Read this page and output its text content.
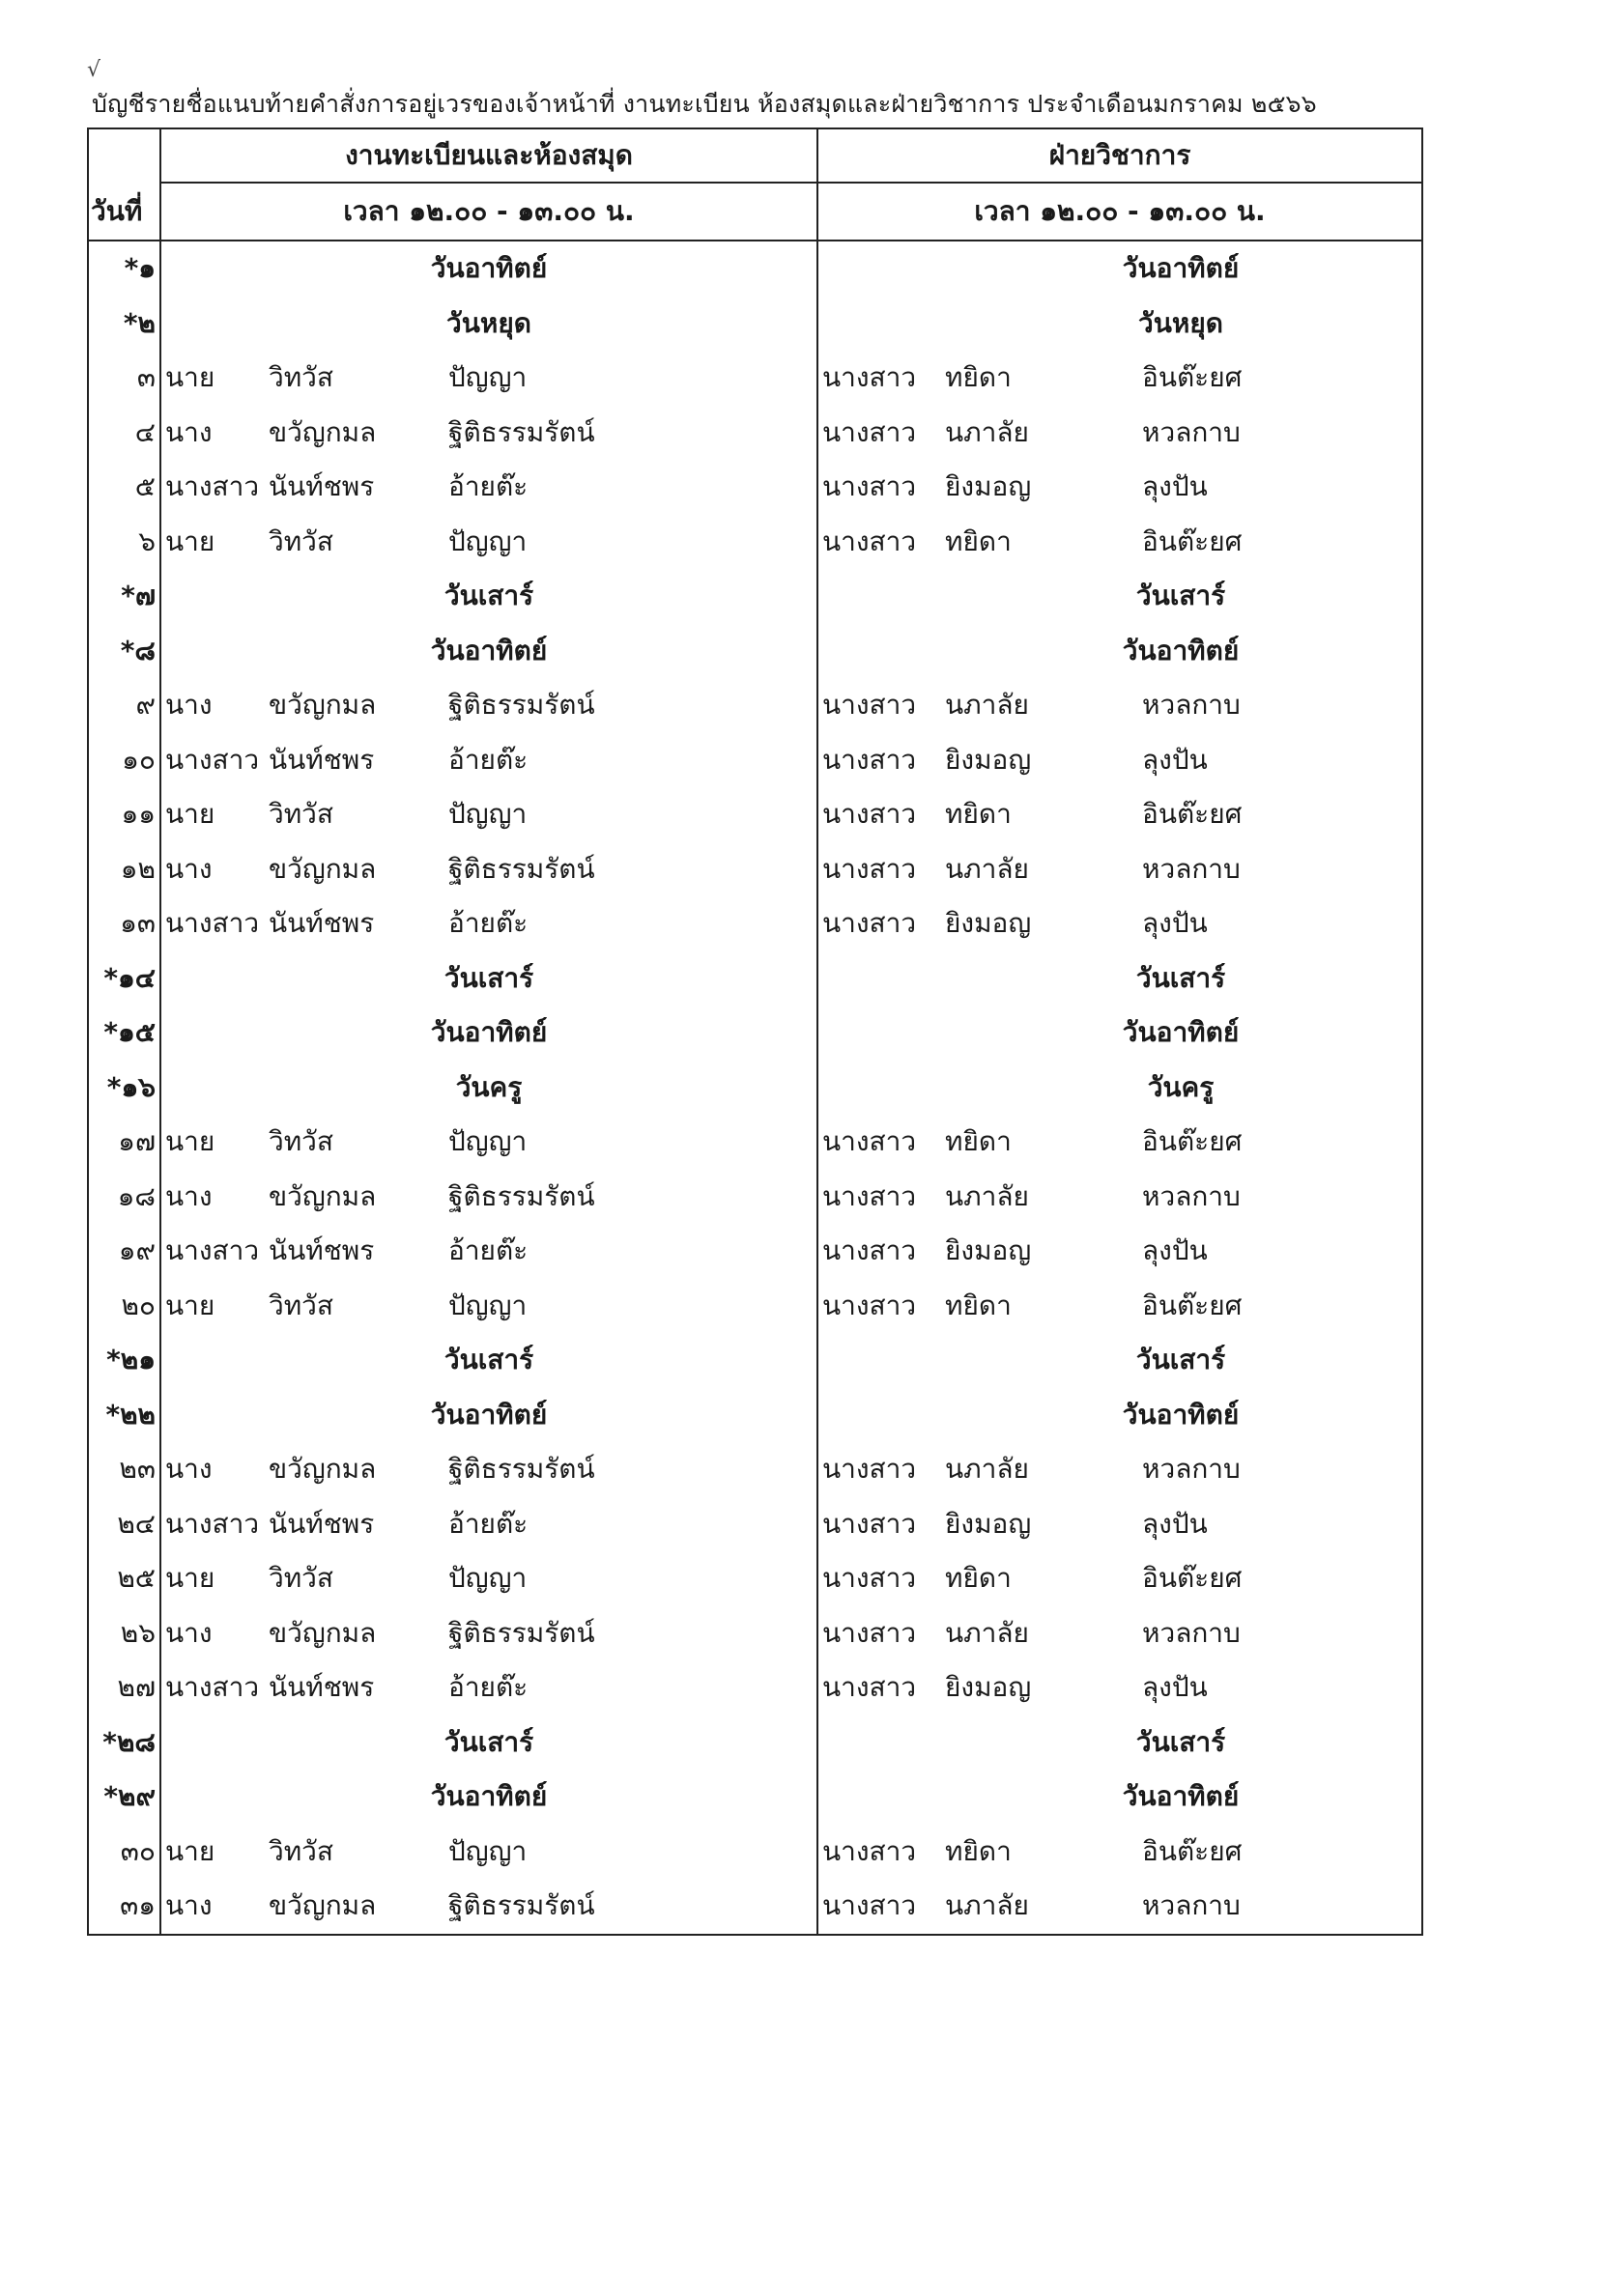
√
บัญชีรายชื่อแนบท้ายคำสั่งการอยู่เวรของเจ้าหน้าที่ งานทะเบียน ห้องสมุดและฝ่ายวิชาการ ประจำเดือนมกราคม ๒๕๖๖
	งานทะเบียนและห้องสมุด			ฝ่ายวิชาการ		
วันที่	เวลา ๑๒.๐๐ - ๑๓.๐๐ น.			เวลา ๑๒.๐๐ - ๑๓.๐๐ น.		
*๑	วันอาทิตย์			วันอาทิตย์		
*๒	วันหยุด			วันหยุด		
๓	นาย	วิทวัส	ปัญญา	นางสาว	ทยิดา	อินต๊ะยศ
๔	นาง	ขวัญกมล	ฐิติธรรมรัตน์	นางสาว	นภาลัย	หวลกาบ
๕	นางสาว	นันท์ชพร	อ้ายต๊ะ	นางสาว	ยิงมอญ	ลุงปัน
๖	นาย	วิทวัส	ปัญญา	นางสาว	ทยิดา	อินต๊ะยศ
*๗	วันเสาร์			วันเสาร์		
*๘	วันอาทิตย์			วันอาทิตย์		
๙	นาง	ขวัญกมล	ฐิติธรรมรัตน์	นางสาว	นภาลัย	หวลกาบ
๑๐	นางสาว	นันท์ชพร	อ้ายต๊ะ	นางสาว	ยิงมอญ	ลุงปัน
๑๑	นาย	วิทวัส	ปัญญา	นางสาว	ทยิดา	อินต๊ะยศ
๑๒	นาง	ขวัญกมล	ฐิติธรรมรัตน์	นางสาว	นภาลัย	หวลกาบ
๑๓	นางสาว	นันท์ชพร	อ้ายต๊ะ	นางสาว	ยิงมอญ	ลุงปัน
*๑๔	วันเสาร์			วันเสาร์		
*๑๕	วันอาทิตย์			วันอาทิตย์		
*๑๖	วันครู			วันครู		
๑๗	นาย	วิทวัส	ปัญญา	นางสาว	ทยิดา	อินต๊ะยศ
๑๘	นาง	ขวัญกมล	ฐิติธรรมรัตน์	นางสาว	นภาลัย	หวลกาบ
๑๙	นางสาว	นันท์ชพร	อ้ายต๊ะ	นางสาว	ยิงมอญ	ลุงปัน
๒๐	นาย	วิทวัส	ปัญญา	นางสาว	ทยิดา	อินต๊ะยศ
*๒๑	วันเสาร์			วันเสาร์		
*๒๒	วันอาทิตย์			วันอาทิตย์		
๒๓	นาง	ขวัญกมล	ฐิติธรรมรัตน์	นางสาว	นภาลัย	หวลกาบ
๒๔	นางสาว	นันท์ชพร	อ้ายต๊ะ	นางสาว	ยิงมอญ	ลุงปัน
๒๕	นาย	วิทวัส	ปัญญา	นางสาว	ทยิดา	อินต๊ะยศ
๒๖	นาง	ขวัญกมล	ฐิติธรรมรัตน์	นางสาว	นภาลัย	หวลกาบ
๒๗	นางสาว	นันท์ชพร	อ้ายต๊ะ	นางสาว	ยิงมอญ	ลุงปัน
*๒๘	วันเสาร์			วันเสาร์		
*๒๙	วันอาทิตย์			วันอาทิตย์		
๓๐	นาย	วิทวัส	ปัญญา	นางสาว	ทยิดา	อินต๊ะยศ
๓๑	นาง	ขวัญกมล	ฐิติธรรมรัตน์	นางสาว	นภาลัย	หวลกาบ
